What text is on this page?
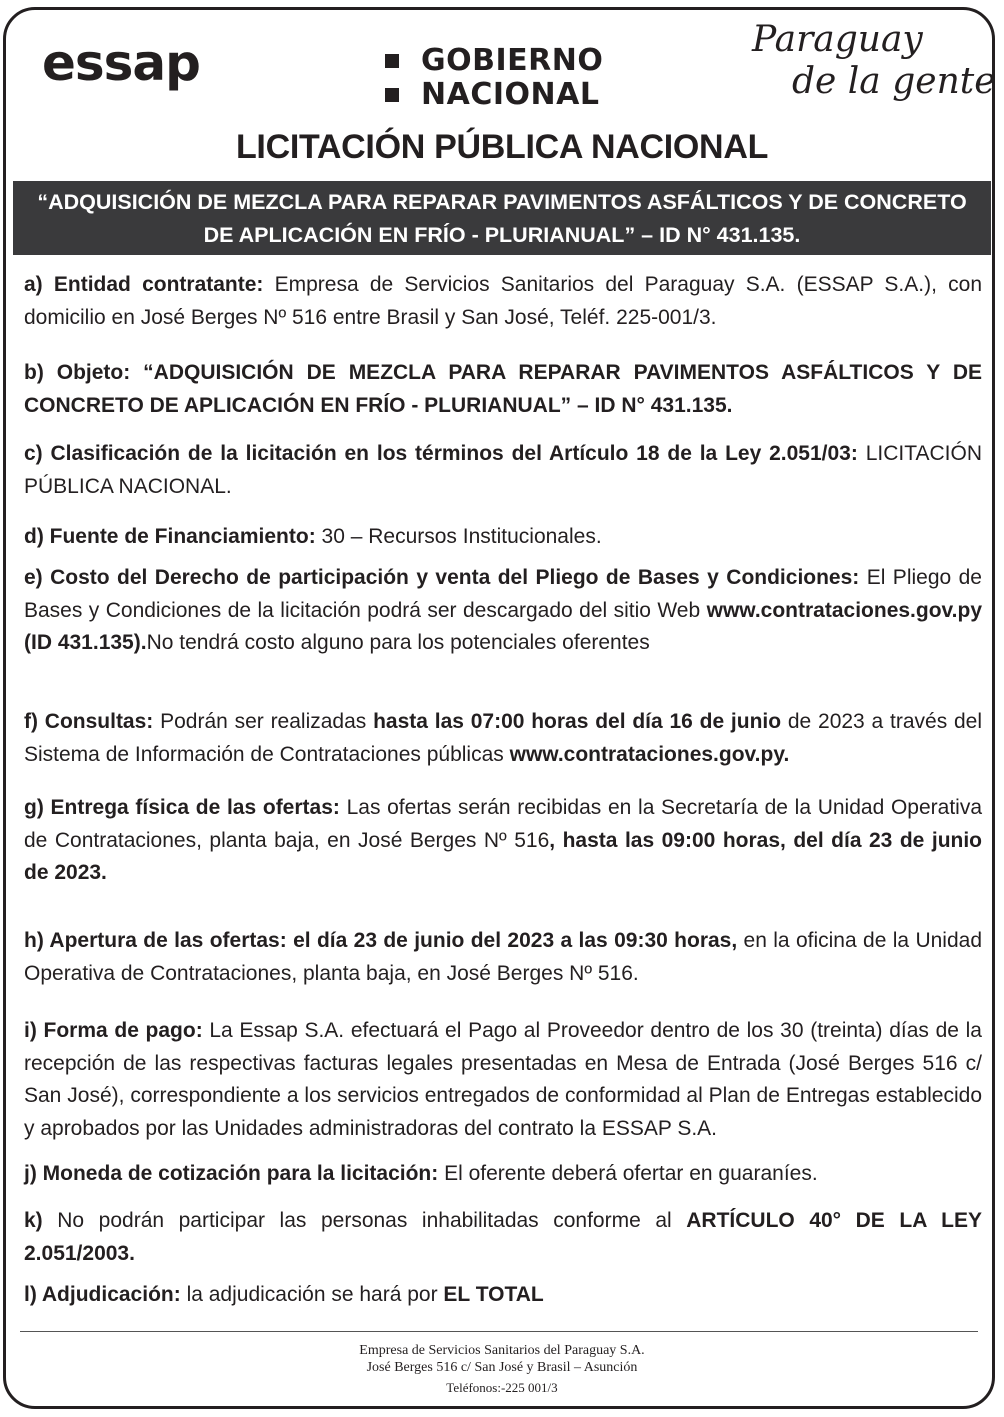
essap	GOBIERNO
NACIONAL
Paraguay
de la gente
LICITACIÓN PÚBLICA NACIONAL
“ADQUISICIÓN DE MEZCLA PARA REPARAR PAVIMENTOS ASFÁLTICOS Y DE CONCRETO
DE APLICACIÓN EN FRÍO - PLURIANUAL” – ID N° 431.135.

a) Entidad contratante: Empresa de Servicios Sanitarios del Paraguay S.A. (ESSAP S.A.), con domicilio en José Berges Nº 516 entre Brasil y San José, Teléf. 225-001/3.

b) Objeto: “ADQUISICIÓN DE MEZCLA PARA REPARAR PAVIMENTOS ASFÁLTICOS Y DE CONCRETO DE APLICACIÓN EN FRÍO - PLURIANUAL” – ID N° 431.135.

c) Clasificación de la licitación en los términos del Artículo 18 de la Ley 2.051/03: LICITACIÓN PÚBLICA NACIONAL.

d) Fuente de Financiamiento: 30 – Recursos Institucionales.

e) Costo del Derecho de participación y venta del Pliego de Bases y Condiciones: El Pliego de Bases y Condiciones de la licitación podrá ser descargado del sitio Web www.contrataciones.gov.py (ID 431.135).No tendrá costo alguno para los potenciales oferentes

f) Consultas: Podrán ser realizadas hasta las 07:00 horas del día 16 de junio de 2023 a través del Sistema de Información de Contrataciones públicas www.contrataciones.gov.py.

g) Entrega física de las ofertas: Las ofertas serán recibidas en la Secretaría de la Unidad Operativa de Contrataciones, planta baja, en José Berges Nº 516, hasta las 09:00 horas, del día 23 de junio de 2023.

h) Apertura de las ofertas: el día 23 de junio del 2023 a las 09:30 horas, en la oficina de la Unidad Operativa de Contrataciones, planta baja, en José Berges Nº 516.

i) Forma de pago: La Essap S.A. efectuará el Pago al Proveedor dentro de los 30 (treinta) días de la recepción de las respectivas facturas legales presentadas en Mesa de Entrada (José Berges 516 c/ San José), correspondiente a los servicios entregados de conformidad al Plan de Entregas establecido y aprobados por las Unidades administradoras del contrato la ESSAP S.A.

j) Moneda de cotización para la licitación: El oferente deberá ofertar en guaraníes.

k) No podrán participar las personas inhabilitadas conforme al ARTÍCULO 40° DE LA LEY 2.051/2003.

l) Adjudicación: la adjudicación se hará por EL TOTAL

Empresa de Servicios Sanitarios del Paraguay S.A.
José Berges 516 c/ San José y Brasil – Asunción
Teléfonos:-225 001/3
